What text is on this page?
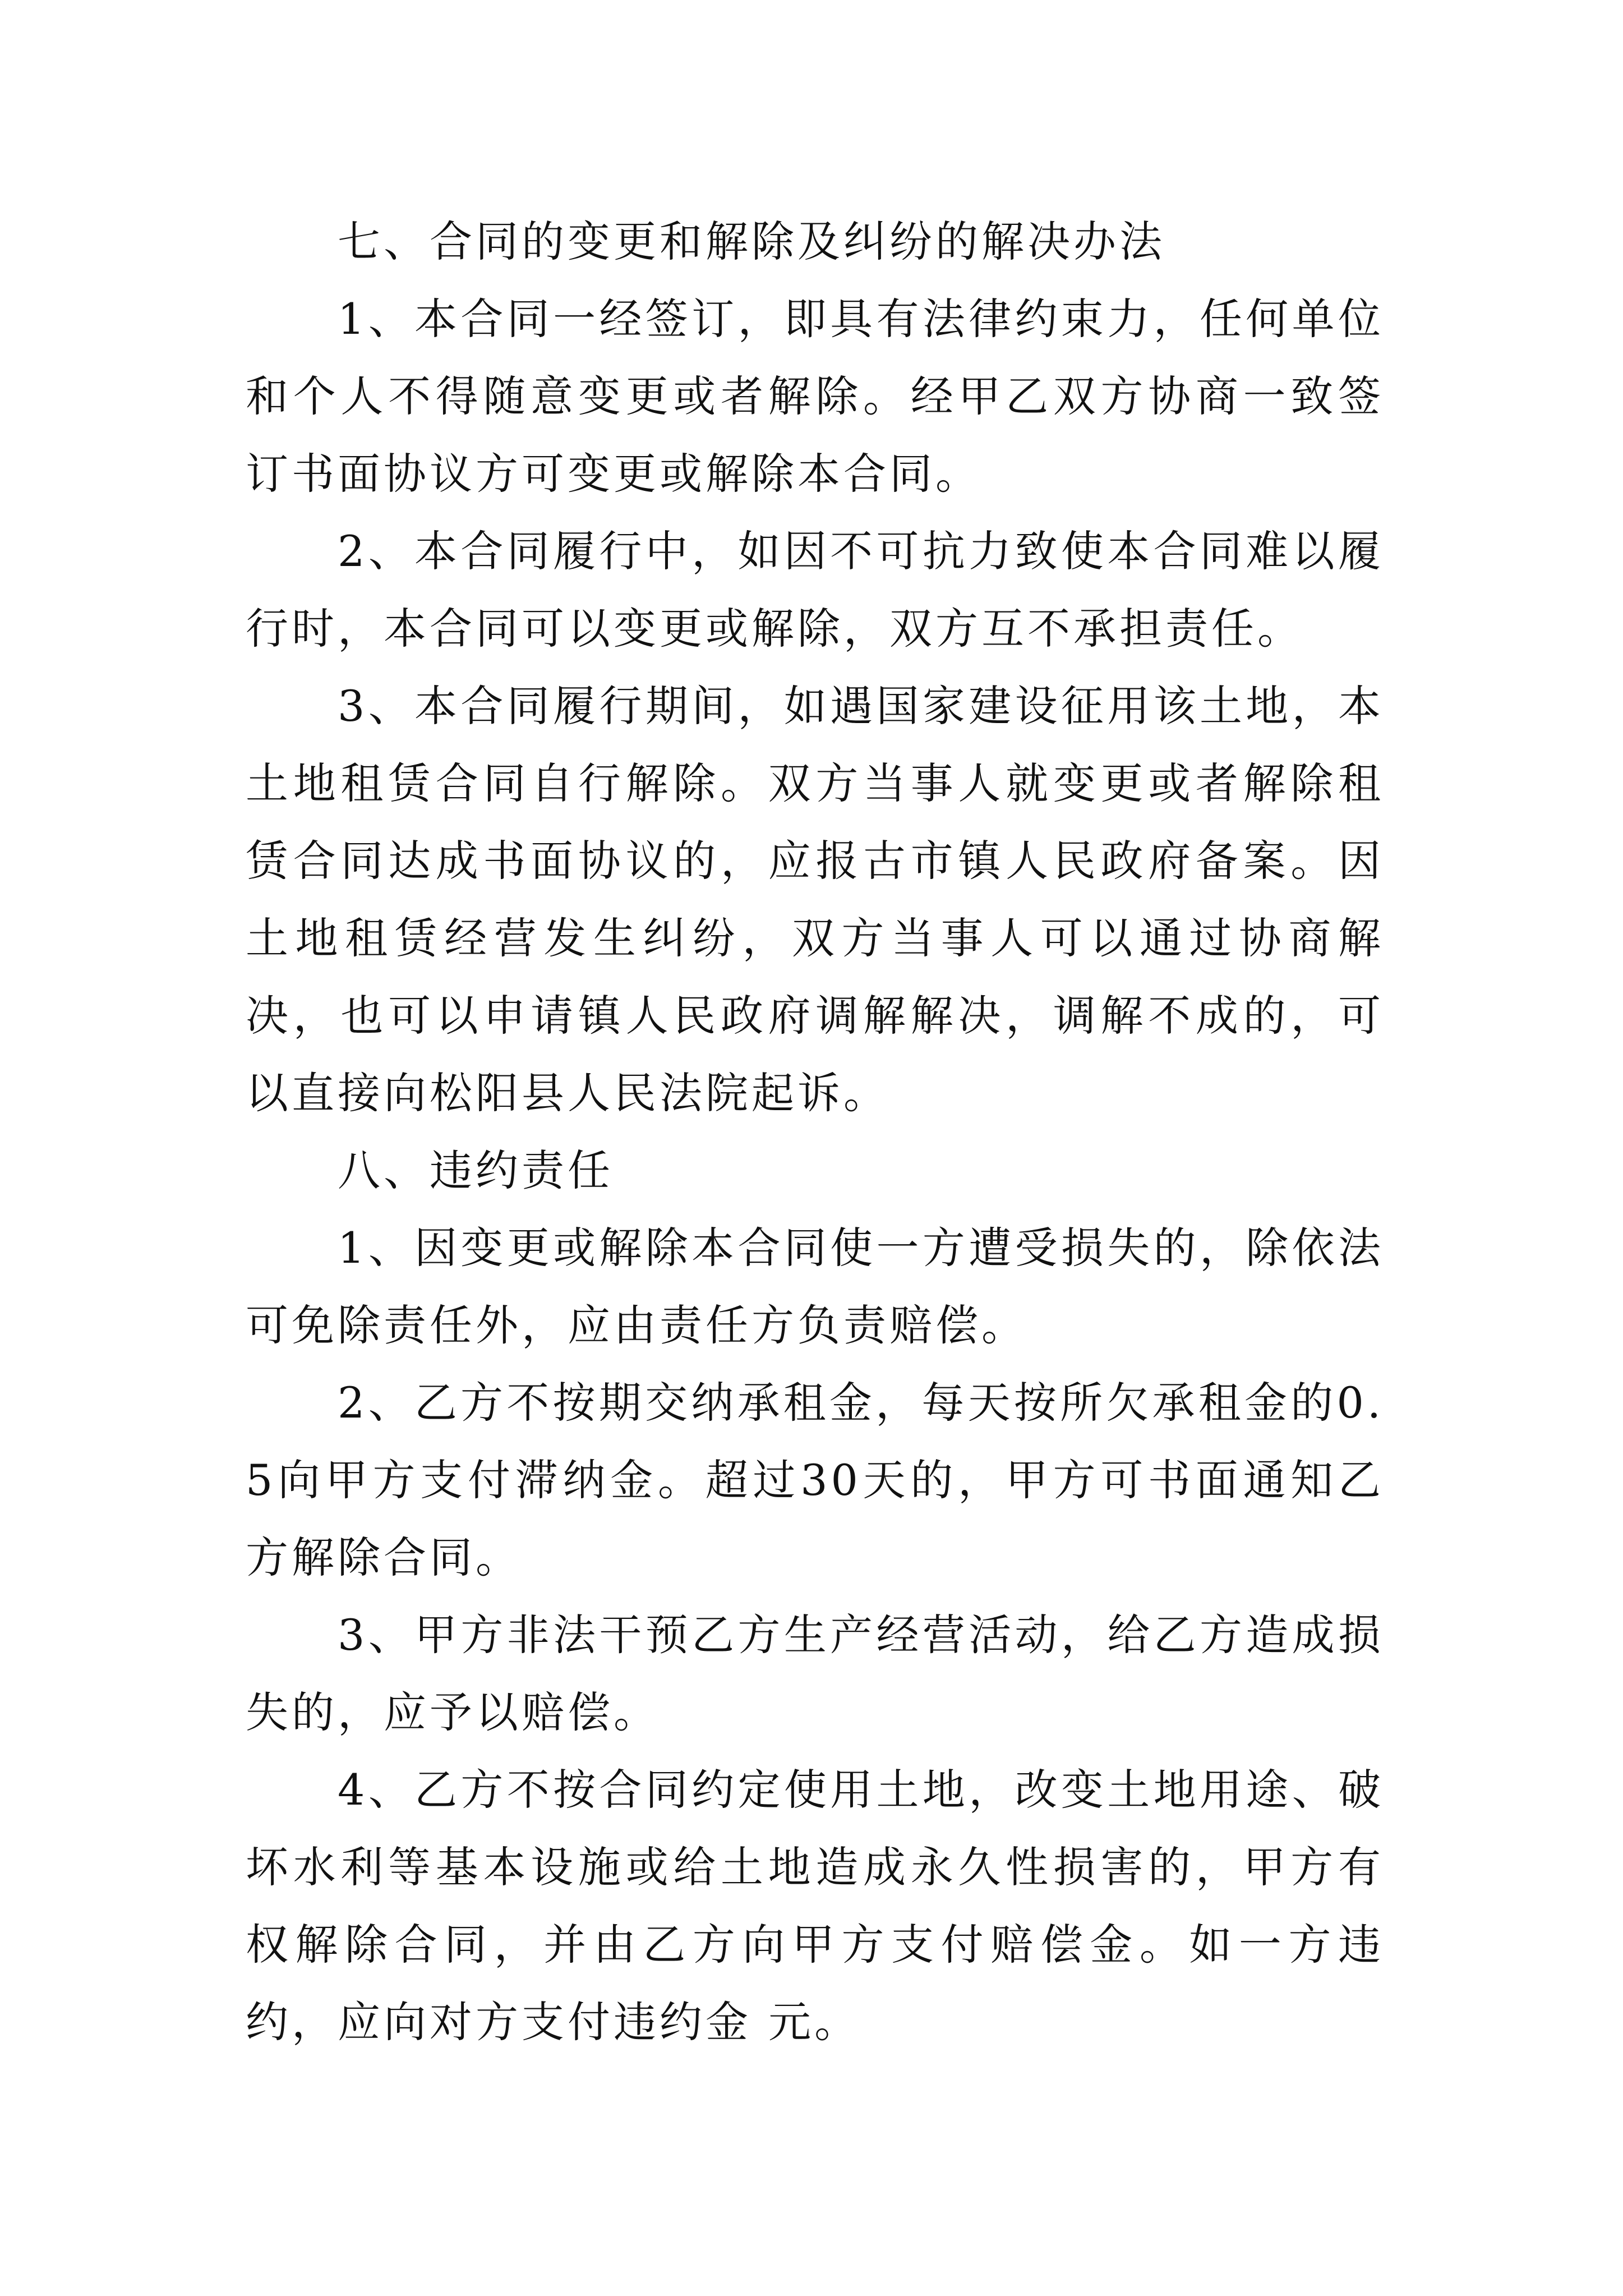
七、合同的变更和解除及纠纷的解决办法

1、本合同一经签订，即具有法律约束力，任何单位和个人不得随意变更或者解除。经甲乙双方协商一致签订书面协议方可变更或解除本合同。

2、本合同履行中，如因不可抗力致使本合同难以履行时，本合同可以变更或解除，双方互不承担责任。

3、本合同履行期间，如遇国家建设征用该土地，本土地租赁合同自行解除。双方当事人就变更或者解除租赁合同达成书面协议的，应报古市镇人民政府备案。因土地租赁经营发生纠纷，双方当事人可以通过协商解决，也可以申请镇人民政府调解解决，调解不成的，可以直接向松阳县人民法院起诉。

八、违约责任

1、因变更或解除本合同使一方遭受损失的，除依法可免除责任外，应由责任方负责赔偿。

2、乙方不按期交纳承租金，每天按所欠承租金的0.5向甲方支付滞纳金。超过30天的，甲方可书面通知乙方解除合同。

3、甲方非法干预乙方生产经营活动，给乙方造成损失的，应予以赔偿。

4、乙方不按合同约定使用土地，改变土地用途、破坏水利等基本设施或给土地造成永久性损害的，甲方有权解除合同，并由乙方向甲方支付赔偿金。如一方违约，应向对方支付违约金 元。
